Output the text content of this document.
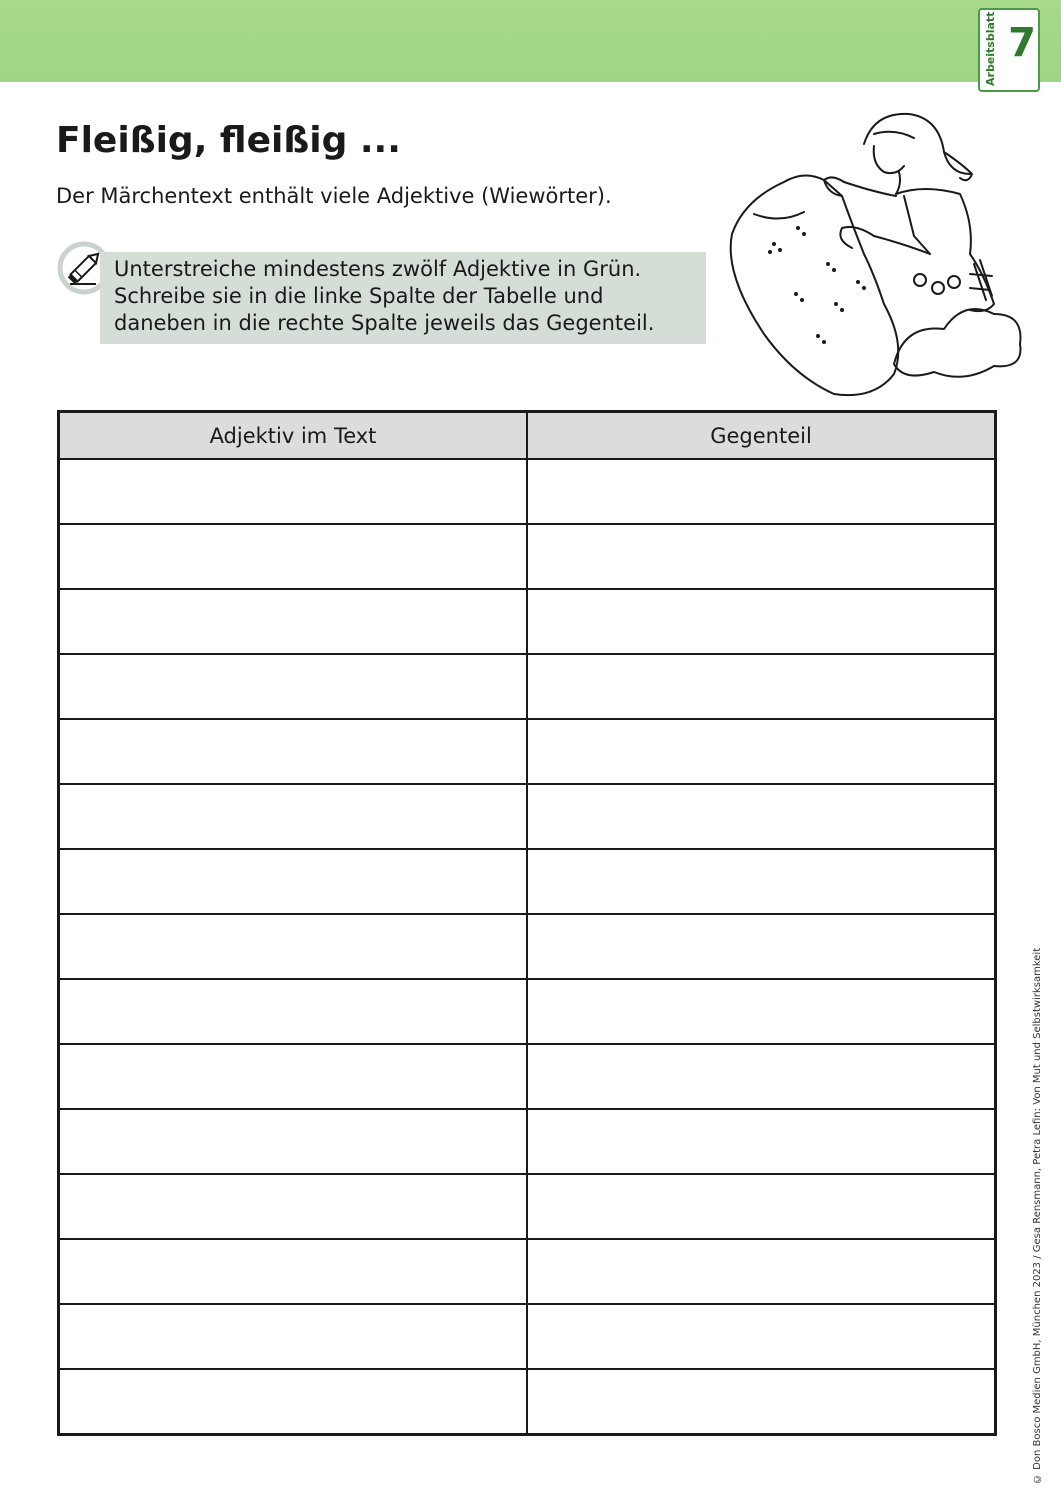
Arbeitsblatt 7
Fleißig, fleißig ...

Der Märchentext enthält viele Adjektive (Wiewörter).

Unterstreiche mindestens zwölf Adjektive in Grün.
Schreibe sie in die linke Spalte der Tabelle und
daneben in die rechte Spalte jeweils das Gegenteil.
Adjektiv im Text	Gegenteil

© Don Bosco Medien GmbH, München 2023 / Gesa Rensmann, Petra Lefin: Von Mut und Selbstwirksamkeit
